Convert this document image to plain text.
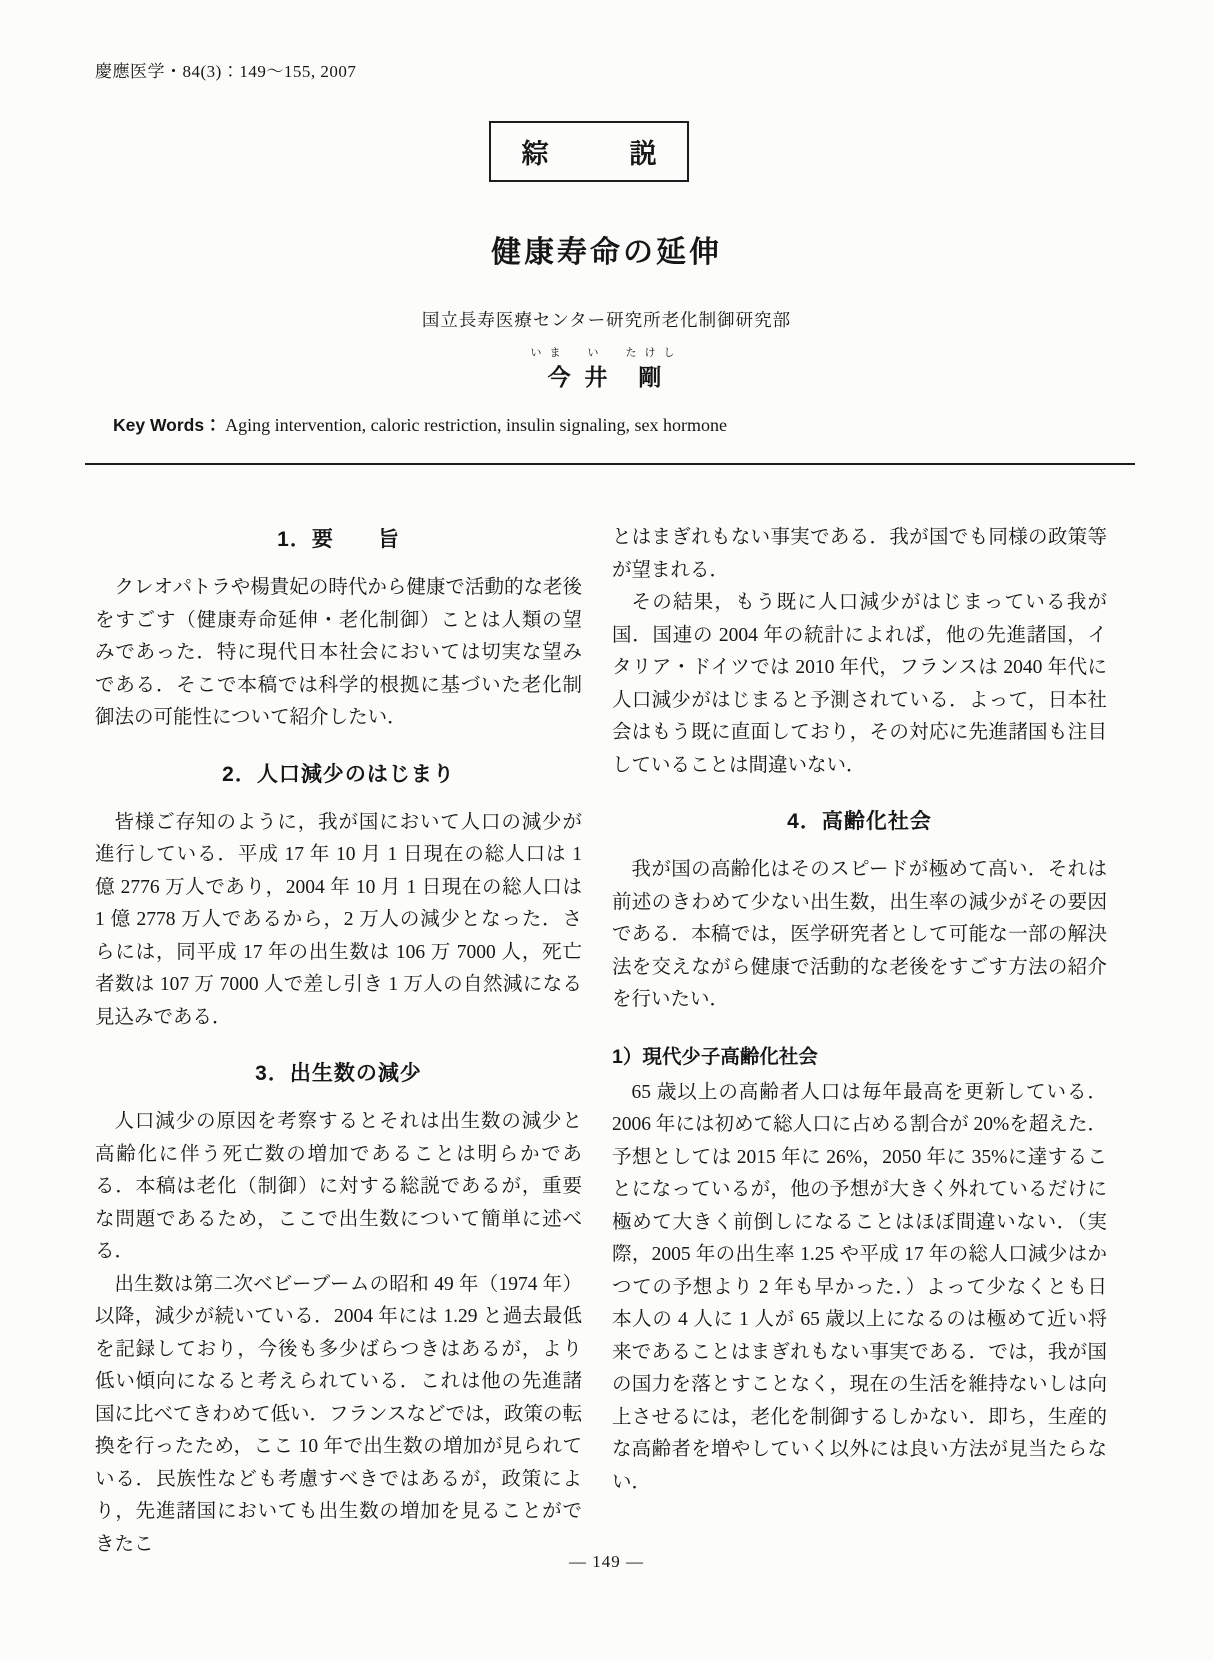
慶應医学・84(3)：149～155, 2007
綜　　　説
健康寿命の延伸
国立長寿医療センター研究所老化制御研究部
いま　い　たけし
今 井　剛
Key Words： Aging intervention, caloric restriction, insulin signaling, sex hormone
1．要　　旨
クレオパトラや楊貴妃の時代から健康で活動的な老後をすごす（健康寿命延伸・老化制御）ことは人類の望みであった．特に現代日本社会においては切実な望みである．そこで本稿では科学的根拠に基づいた老化制御法の可能性について紹介したい．
2．人口減少のはじまり
皆様ご存知のように，我が国において人口の減少が進行している．平成 17 年 10 月 1 日現在の総人口は 1 億 2776 万人であり，2004 年 10 月 1 日現在の総人口は 1 億 2778 万人であるから，2 万人の減少となった．さらには，同平成 17 年の出生数は 106 万 7000 人，死亡者数は 107 万 7000 人で差し引き 1 万人の自然減になる見込みである．
3．出生数の減少
人口減少の原因を考察するとそれは出生数の減少と高齢化に伴う死亡数の増加であることは明らかである．本稿は老化（制御）に対する総説であるが，重要な問題であるため，ここで出生数について簡単に述べる．
出生数は第二次ベビーブームの昭和 49 年（1974 年）以降，減少が続いている．2004 年には 1.29 と過去最低を記録しており，今後も多少ばらつきはあるが，より低い傾向になると考えられている．これは他の先進諸国に比べてきわめて低い．フランスなどでは，政策の転換を行ったため，ここ 10 年で出生数の増加が見られている．民族性なども考慮すべきではあるが，政策により，先進諸国においても出生数の増加を見ることができたこ
とはまぎれもない事実である．我が国でも同様の政策等が望まれる．
その結果，もう既に人口減少がはじまっている我が国．国連の 2004 年の統計によれば，他の先進諸国，イタリア・ドイツでは 2010 年代，フランスは 2040 年代に人口減少がはじまると予測されている．よって，日本社会はもう既に直面しており，その対応に先進諸国も注目していることは間違いない．
4．高齢化社会
我が国の高齢化はそのスピードが極めて高い．それは前述のきわめて少ない出生数，出生率の減少がその要因である．本稿では，医学研究者として可能な一部の解決法を交えながら健康で活動的な老後をすごす方法の紹介を行いたい．
1）現代少子高齢化社会
65 歳以上の高齢者人口は毎年最高を更新している．2006 年には初めて総人口に占める割合が 20%を超えた．予想としては 2015 年に 26%，2050 年に 35%に達することになっているが，他の予想が大きく外れているだけに極めて大きく前倒しになることはほぼ間違いない．（実際，2005 年の出生率 1.25 や平成 17 年の総人口減少はかつての予想より 2 年も早かった．）よって少なくとも日本人の 4 人に 1 人が 65 歳以上になるのは極めて近い将来であることはまぎれもない事実である．では，我が国の国力を落とすことなく，現在の生活を維持ないしは向上させるには，老化を制御するしかない．即ち，生産的な高齢者を増やしていく以外には良い方法が見当たらない．
— 149 —
